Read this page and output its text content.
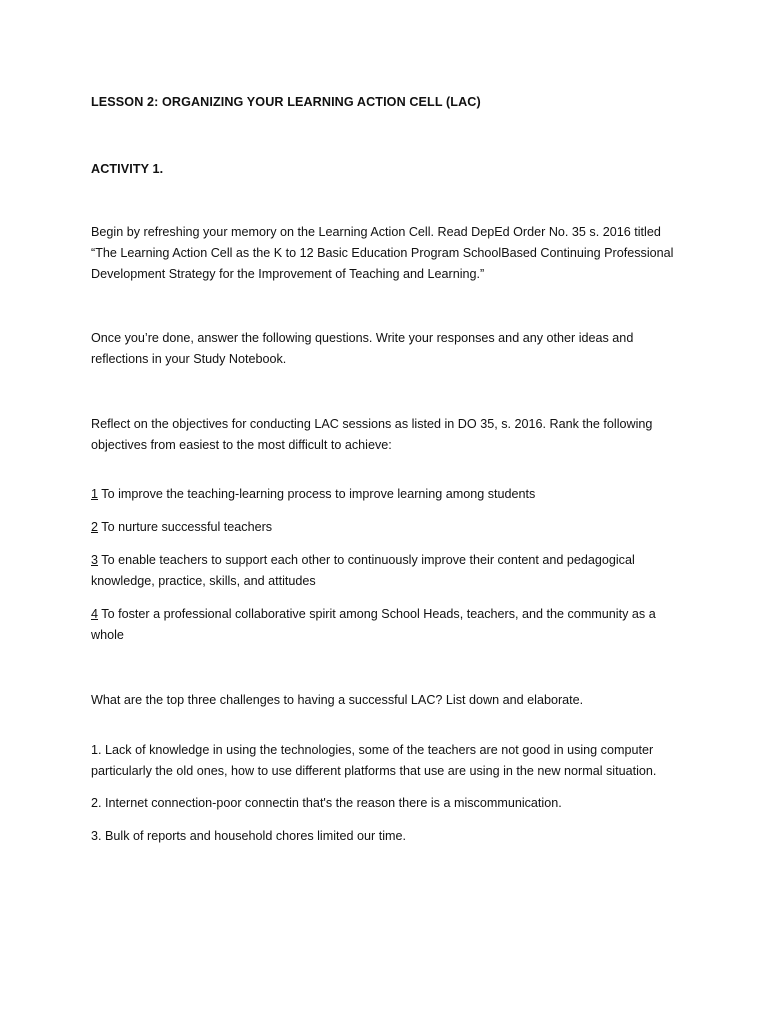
LESSON 2: ORGANIZING YOUR LEARNING ACTION CELL (LAC)

ACTIVITY 1.

Begin by refreshing your memory on the Learning Action Cell. Read DepEd Order No. 35 s. 2016 titled

“The Learning Action Cell as the K to 12 Basic Education Program SchoolBased Continuing Professional

Development Strategy for the Improvement of Teaching and Learning.”

Once you’re done, answer the following questions. Write your responses and any other ideas and

reflections in your Study Notebook.

Reflect on the objectives for conducting LAC sessions as listed in DO 35, s. 2016. Rank the following

objectives from easiest to the most difficult to achieve:

1 To improve the teaching-learning process to improve learning among students

2 To nurture successful teachers

3 To enable teachers to support each other to continuously improve their content and pedagogical

knowledge, practice, skills, and attitudes

4 To foster a professional collaborative spirit among School Heads, teachers, and the community as a

whole

What are the top three challenges to having a successful LAC? List down and elaborate.

1. Lack of knowledge in using the technologies, some of the teachers are not good in using computer

particularly the old ones, how to use different platforms that use are using in the new normal situation.

2. Internet connection-poor connectin that's the reason there is a miscommunication.

3. Bulk of reports and household chores limited our time.
